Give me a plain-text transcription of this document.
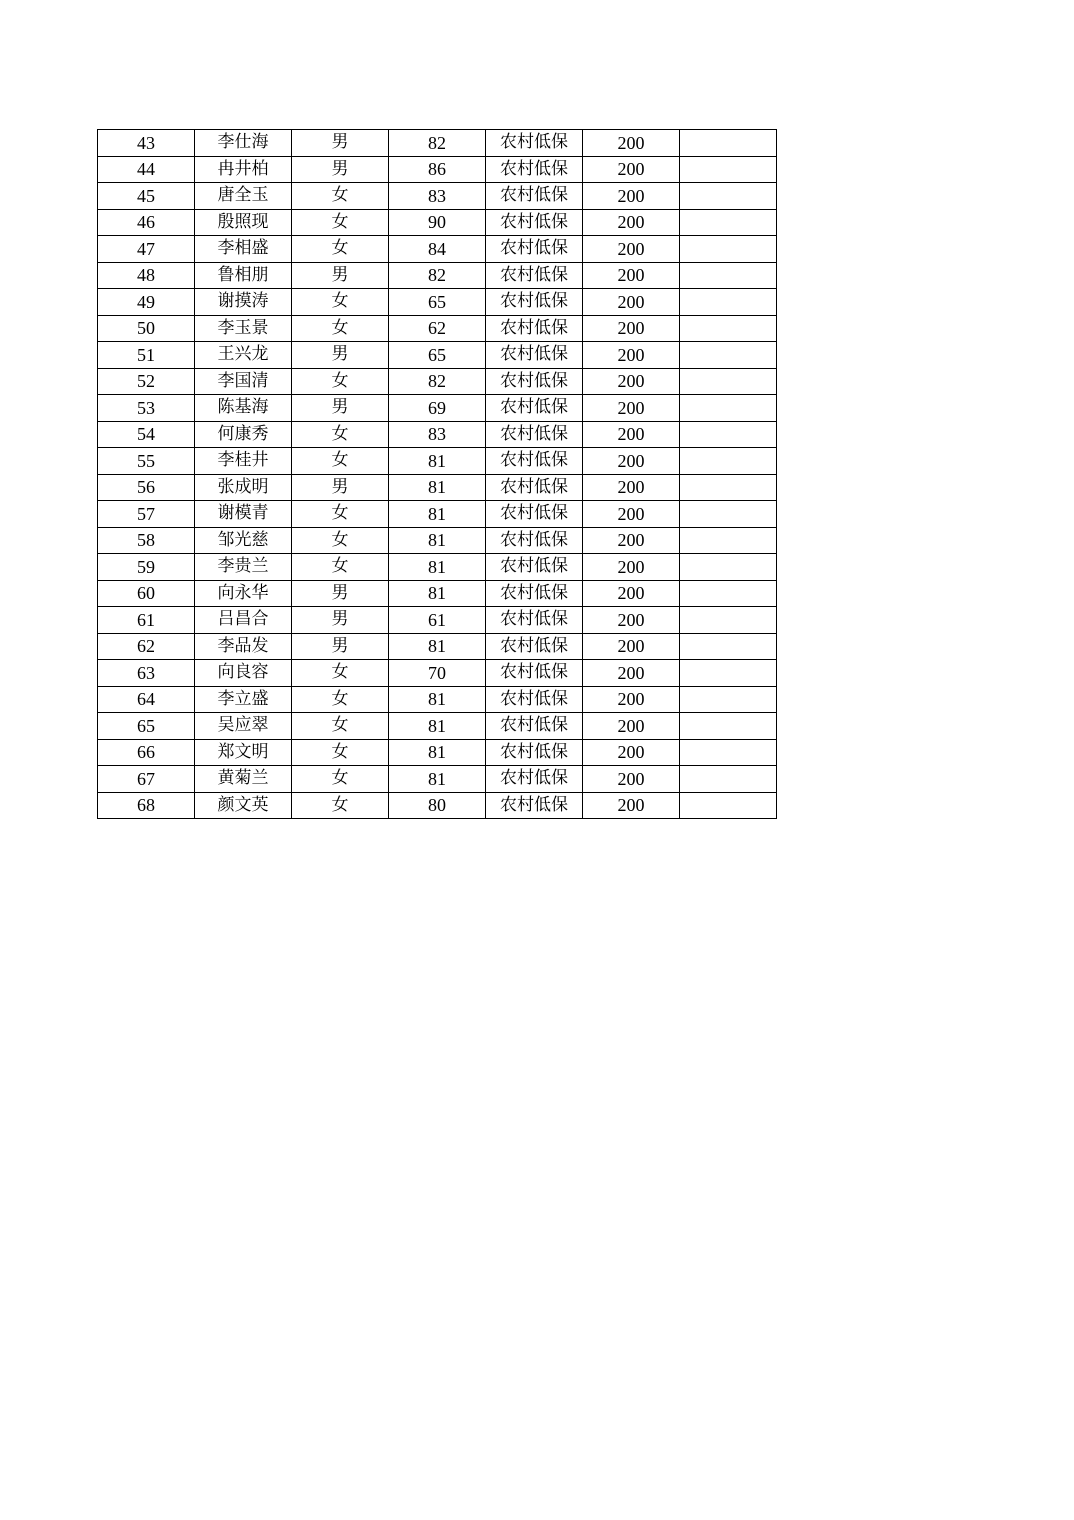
43	李仕海	男	82	农村低保	200	
44	冉井柏	男	86	农村低保	200	
45	唐全玉	女	83	农村低保	200	
46	殷照现	女	90	农村低保	200	
47	李相盛	女	84	农村低保	200	
48	鲁相朋	男	82	农村低保	200	
49	谢摸涛	女	65	农村低保	200	
50	李玉景	女	62	农村低保	200	
51	王兴龙	男	65	农村低保	200	
52	李国清	女	82	农村低保	200	
53	陈基海	男	69	农村低保	200	
54	何康秀	女	83	农村低保	200	
55	李桂井	女	81	农村低保	200	
56	张成明	男	81	农村低保	200	
57	谢模青	女	81	农村低保	200	
58	邹光慈	女	81	农村低保	200	
59	李贵兰	女	81	农村低保	200	
60	向永华	男	81	农村低保	200	
61	吕昌合	男	61	农村低保	200	
62	李品发	男	81	农村低保	200	
63	向良容	女	70	农村低保	200	
64	李立盛	女	81	农村低保	200	
65	吴应翠	女	81	农村低保	200	
66	郑文明	女	81	农村低保	200	
67	黄菊兰	女	81	农村低保	200	
68	颜文英	女	80	农村低保	200	
